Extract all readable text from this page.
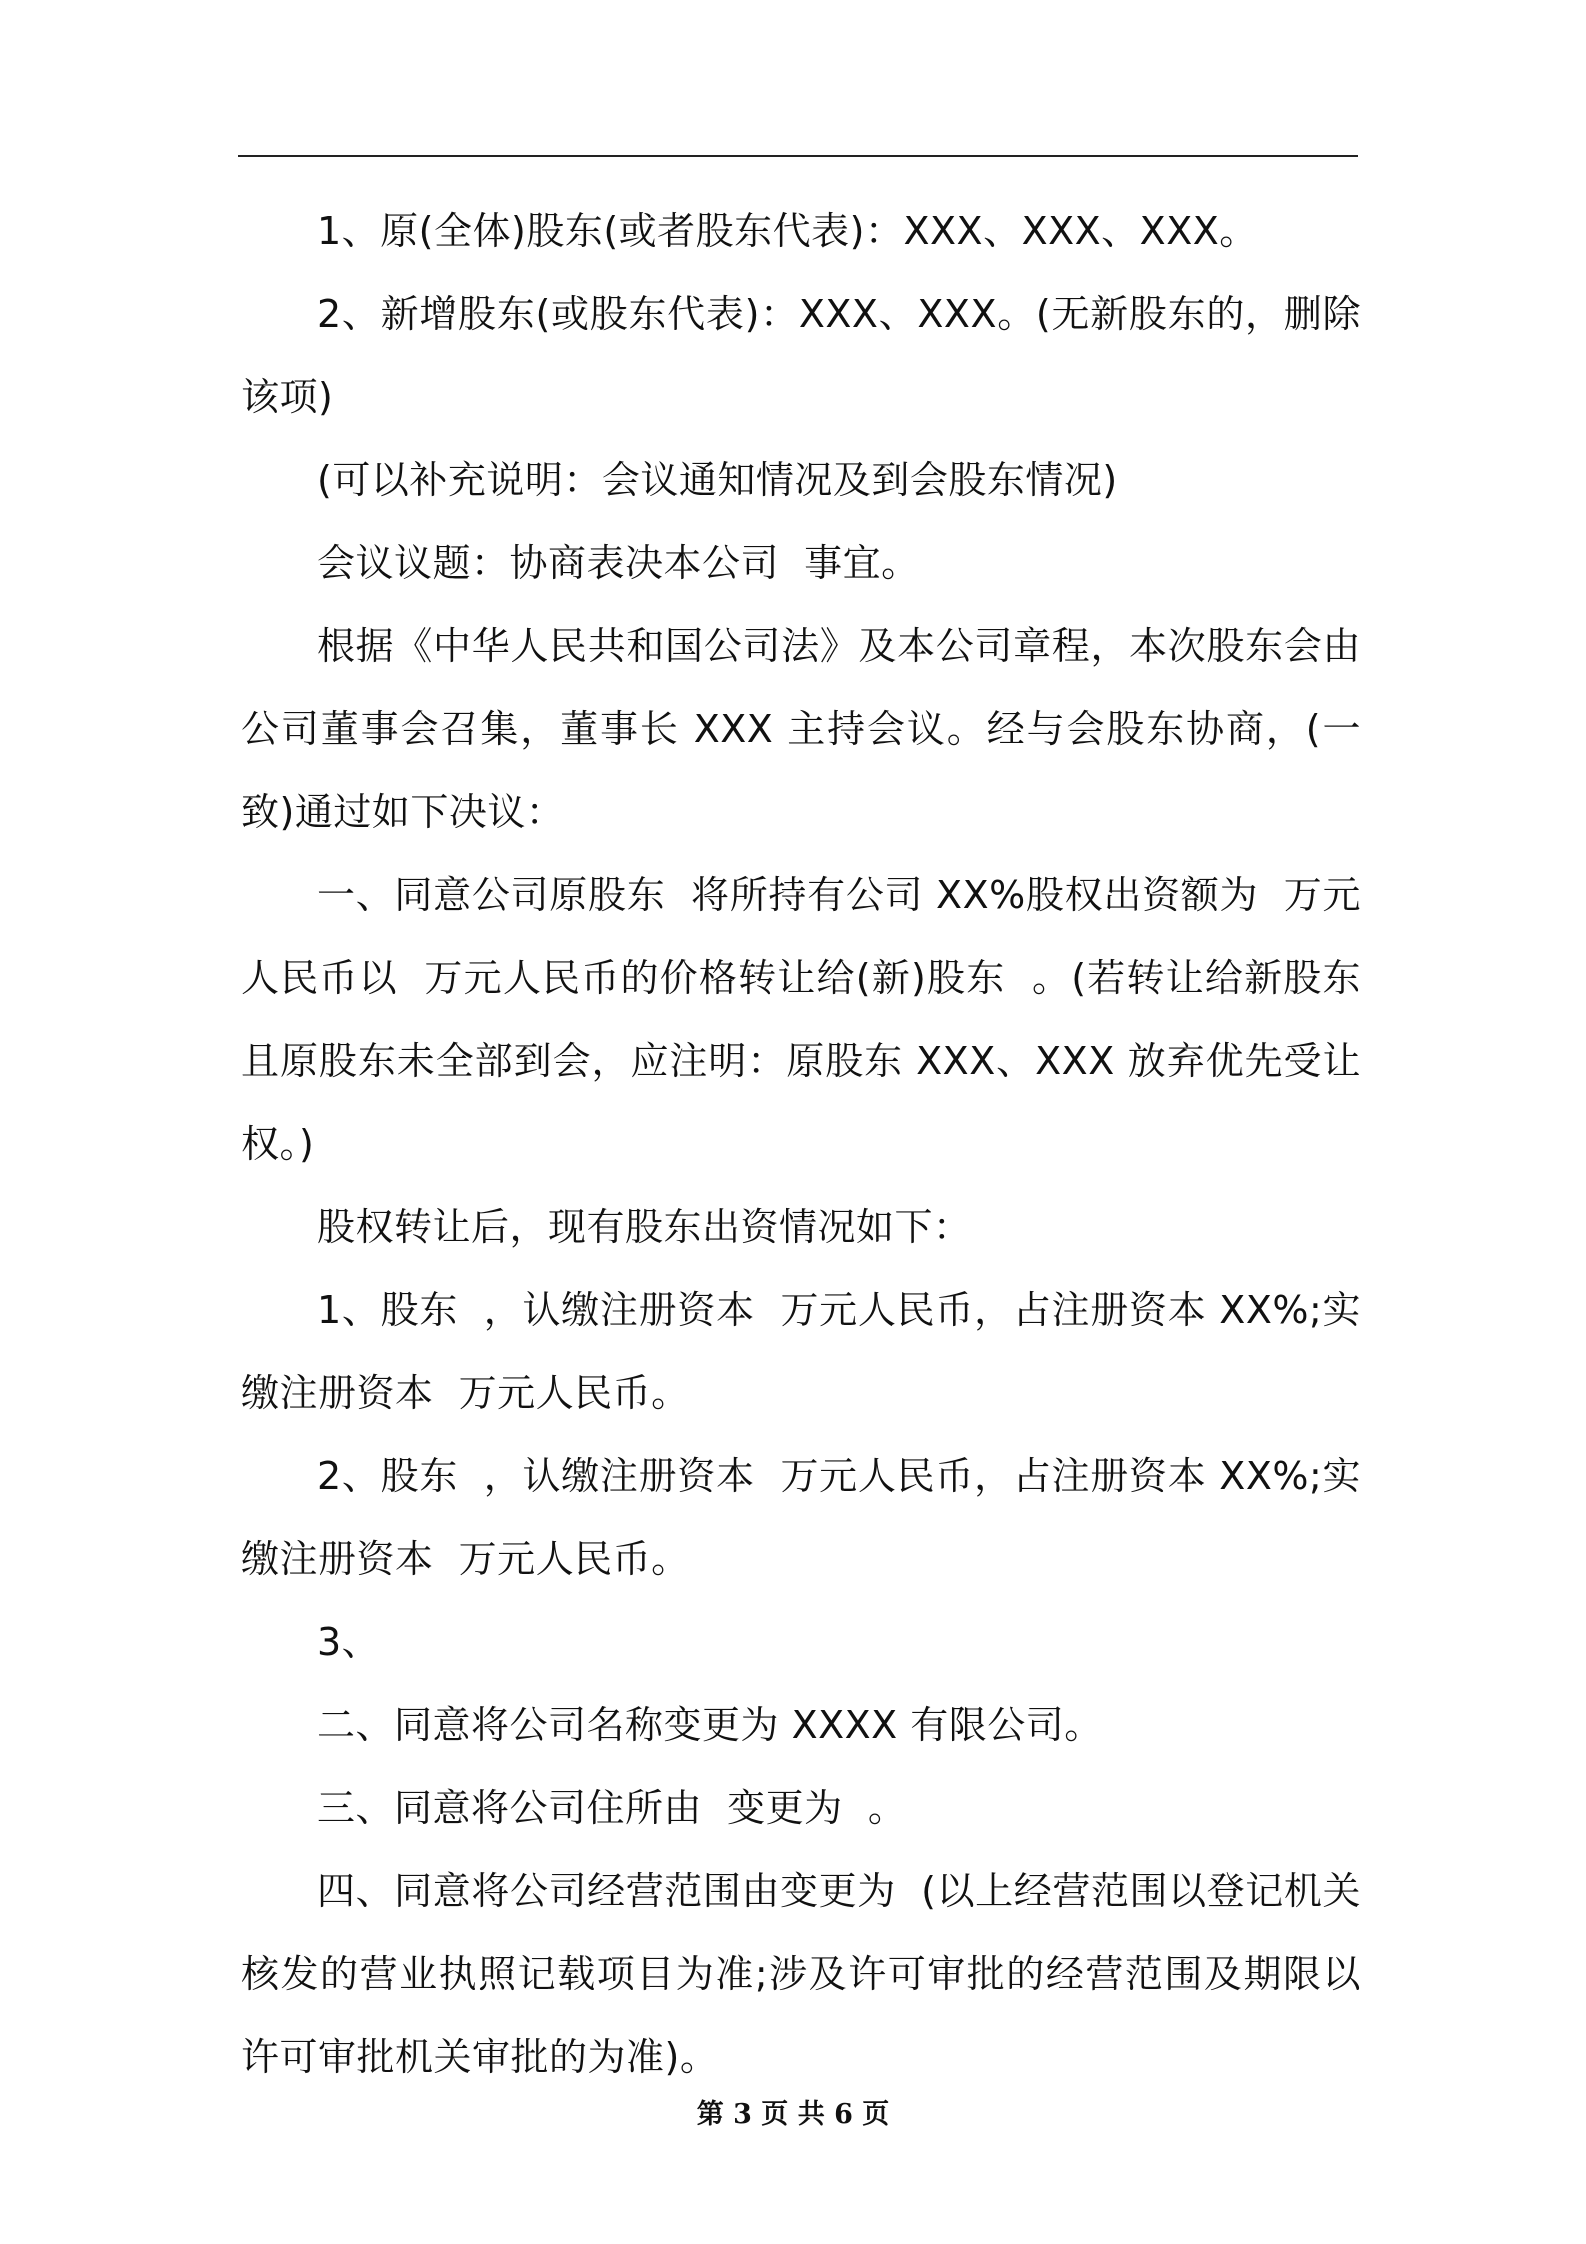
1、原(全体)股东(或者股东代表)：XXX、XXX、XXX。

2、新增股东(或股东代表)：XXX、XXX。(无新股东的，删除该项)

(可以补充说明：会议通知情况及到会股东情况)

会议议题：协商表决本公司  事宜。

根据《中华人民共和国公司法》及本公司章程，本次股东会由公司董事会召集，董事长 XXX 主持会议。经与会股东协商，(一致)通过如下决议：

一、同意公司原股东  将所持有公司 XX%股权出资额为  万元人民币以  万元人民币的价格转让给(新)股东  。(若转让给新股东且原股东未全部到会，应注明：原股东 XXX、XXX 放弃优先受让权。)

股权转让后，现有股东出资情况如下：

1、股东  ，认缴注册资本  万元人民币，占注册资本 XX%;实缴注册资本  万元人民币。

2、股东  ，认缴注册资本  万元人民币，占注册资本 XX%;实缴注册资本  万元人民币。

3、

二、同意将公司名称变更为 XXXX 有限公司。

三、同意将公司住所由  变更为  。

四、同意将公司经营范围由变更为  (以上经营范围以登记机关核发的营业执照记载项目为准;涉及许可审批的经营范围及期限以许可审批机关审批的为准)。

第 3 页 共 6 页
